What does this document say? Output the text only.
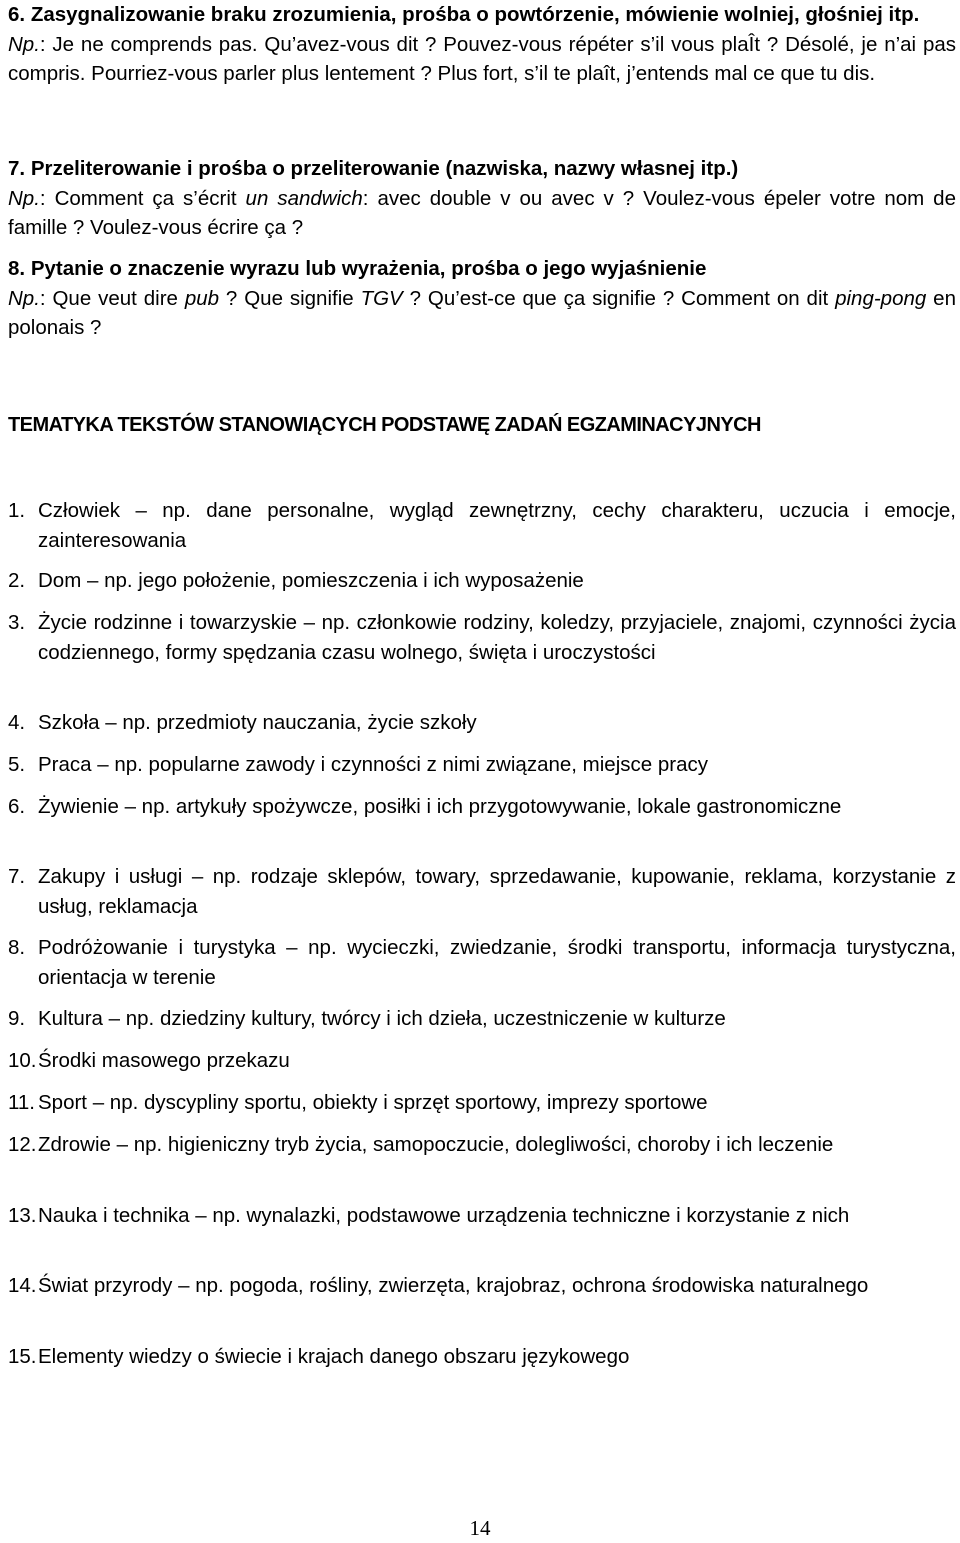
6. Zasygnalizowanie braku zrozumienia, prośba o powtórzenie, mówienie wolniej, głośniej itp.
Np.: Je ne comprends pas. Qu’avez-vous dit ? Pouvez-vous répéter s’il vous plaÎt ? Désolé, je n’ai pas compris. Pourriez-vous parler plus lentement ? Plus fort, s’il te plaît, j’entends mal ce que tu dis.
7. Przeliterowanie i prośba o przeliterowanie (nazwiska, nazwy własnej itp.)
Np.: Comment ça s’écrit un sandwich: avec double v ou avec v ? Voulez-vous épeler votre nom de famille ? Voulez-vous écrire ça ?
8. Pytanie o znaczenie wyrazu lub wyrażenia, prośba o jego wyjaśnienie
Np.: Que veut dire pub ? Que signifie TGV ? Qu’est-ce que ça signifie ? Comment on dit ping-pong en polonais ?
TEMATYKA TEKSTÓW STANOWIĄCYCH PODSTAWĘ ZADAŃ EGZAMINACYJNYCH
1. Człowiek – np. dane personalne, wygląd zewnętrzny, cechy charakteru, uczucia i emocje, zainteresowania
2. Dom – np. jego położenie, pomieszczenia i ich wyposażenie
3. Życie rodzinne i towarzyskie – np. członkowie rodziny, koledzy, przyjaciele, znajomi, czynności życia codziennego, formy spędzania czasu wolnego, święta i uroczystości
4. Szkoła – np. przedmioty nauczania, życie szkoły
5. Praca – np. popularne zawody i czynności z nimi związane, miejsce pracy
6. Żywienie – np. artykuły spożywcze, posiłki i ich przygotowywanie, lokale gastronomiczne
7. Zakupy i usługi – np. rodzaje sklepów, towary, sprzedawanie, kupowanie, reklama, korzystanie z usług, reklamacja
8. Podróżowanie i turystyka – np. wycieczki, zwiedzanie, środki transportu, informacja turystyczna, orientacja w terenie
9. Kultura – np. dziedziny kultury, twórcy i ich dzieła, uczestniczenie w kulturze
10. Środki masowego przekazu
11. Sport – np. dyscypliny sportu, obiekty i sprzęt sportowy, imprezy sportowe
12. Zdrowie – np. higieniczny tryb życia, samopoczucie, dolegliwości, choroby i ich leczenie
13. Nauka i technika – np. wynalazki, podstawowe urządzenia techniczne i korzystanie z nich
14. Świat przyrody – np. pogoda, rośliny, zwierzęta, krajobraz, ochrona środowiska naturalnego
15. Elementy wiedzy o świecie i krajach danego obszaru językowego
14
